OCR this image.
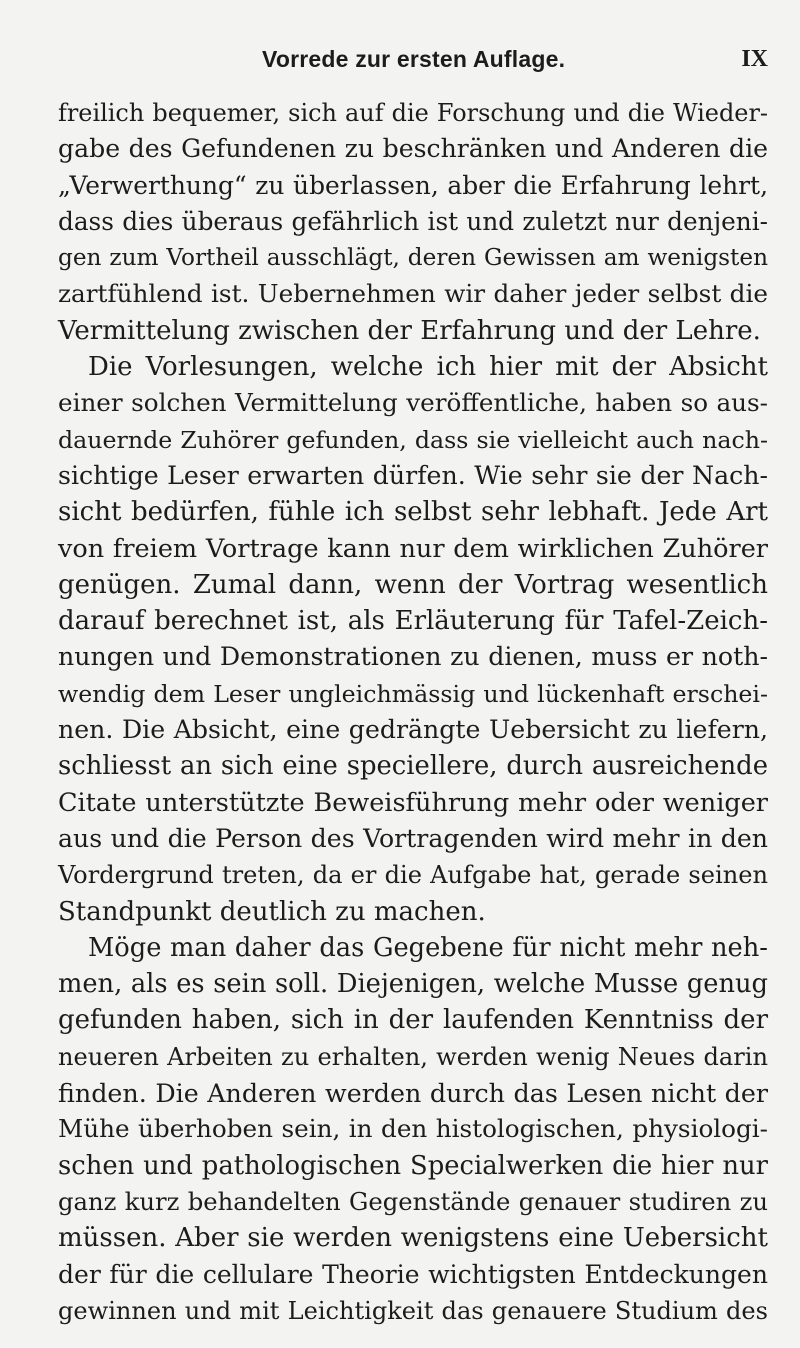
Vorrede zur ersten Auflage.	IX
freilich bequemer, sich auf die Forschung und die Wieder-
gabe des Gefundenen zu beschränken und Anderen die
„Verwerthung“ zu überlassen, aber die Erfahrung lehrt,
dass dies überaus gefährlich ist und zuletzt nur denjeni-
gen zum Vortheil ausschlägt, deren Gewissen am wenigsten
zartfühlend ist. Uebernehmen wir daher jeder selbst die
Vermittelung zwischen der Erfahrung und der Lehre.
Die Vorlesungen, welche ich hier mit der Absicht
einer solchen Vermittelung veröffentliche, haben so aus-
dauernde Zuhörer gefunden, dass sie vielleicht auch nach-
sichtige Leser erwarten dürfen. Wie sehr sie der Nach-
sicht bedürfen, fühle ich selbst sehr lebhaft. Jede Art
von freiem Vortrage kann nur dem wirklichen Zuhörer
genügen. Zumal dann, wenn der Vortrag wesentlich
darauf berechnet ist, als Erläuterung für Tafel-Zeich-
nungen und Demonstrationen zu dienen, muss er noth-
wendig dem Leser ungleichmässig und lückenhaft erschei-
nen. Die Absicht, eine gedrängte Uebersicht zu liefern,
schliesst an sich eine speciellere, durch ausreichende
Citate unterstützte Beweisführung mehr oder weniger
aus und die Person des Vortragenden wird mehr in den
Vordergrund treten, da er die Aufgabe hat, gerade seinen
Standpunkt deutlich zu machen.
Möge man daher das Gegebene für nicht mehr neh-
men, als es sein soll. Diejenigen, welche Musse genug
gefunden haben, sich in der laufenden Kenntniss der
neueren Arbeiten zu erhalten, werden wenig Neues darin
finden. Die Anderen werden durch das Lesen nicht der
Mühe überhoben sein, in den histologischen, physiologi-
schen und pathologischen Specialwerken die hier nur
ganz kurz behandelten Gegenstände genauer studiren zu
müssen. Aber sie werden wenigstens eine Uebersicht
der für die cellulare Theorie wichtigsten Entdeckungen
gewinnen und mit Leichtigkeit das genauere Studium des
